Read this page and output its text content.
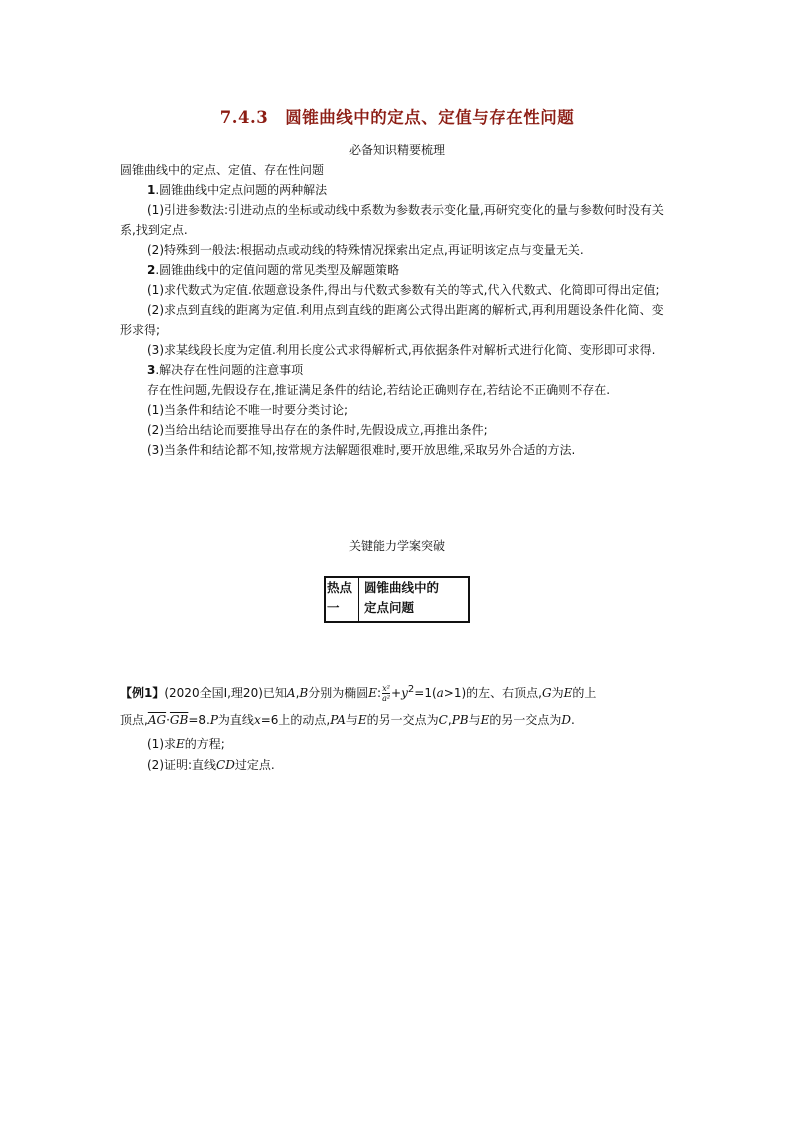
7.4.3　圆锥曲线中的定点、定值与存在性问题

必备知识精要梳理

圆锥曲线中的定点、定值、存在性问题

1.圆锥曲线中定点问题的两种解法

(1)引进参数法:引进动点的坐标或动线中系数为参数表示变化量,再研究变化的量与参数何时没有关系,找到定点.

(2)特殊到一般法:根据动点或动线的特殊情况探索出定点,再证明该定点与变量无关.

2.圆锥曲线中的定值问题的常见类型及解题策略

(1)求代数式为定值.依题意设条件,得出与代数式参数有关的等式,代入代数式、化简即可得出定值;

(2)求点到直线的距离为定值.利用点到直线的距离公式得出距离的解析式,再利用题设条件化简、变形求得;

(3)求某线段长度为定值.利用长度公式求得解析式,再依据条件对解析式进行化简、变形即可求得.

3.解决存在性问题的注意事项

存在性问题,先假设存在,推证满足条件的结论,若结论正确则存在,若结论不正确则不存在.

(1)当条件和结论不唯一时要分类讨论;

(2)当给出结论而要推导出存在的条件时,先假设成立,再推出条件;

(3)当条件和结论都不知,按常规方法解题很难时,要开放思维,采取另外合适的方法.

关键能力学案突破

热点
一
圆锥曲线中的
定点问题

【例1】(2020全国Ⅰ,理20)已知A,B分别为椭圆E: $\frac{\text{x²}}{\text{a²}} +y^2=1(a>1)$的左、右顶点,G为E的上

顶点$,\overline{AG}\cdot\overline{GB}=8.P$为直线x=6上的动点,PA与E的另一交点为C,PB与E的另一交点为D.

(1)求E的方程;

(2)证明:直线CD过定点.
